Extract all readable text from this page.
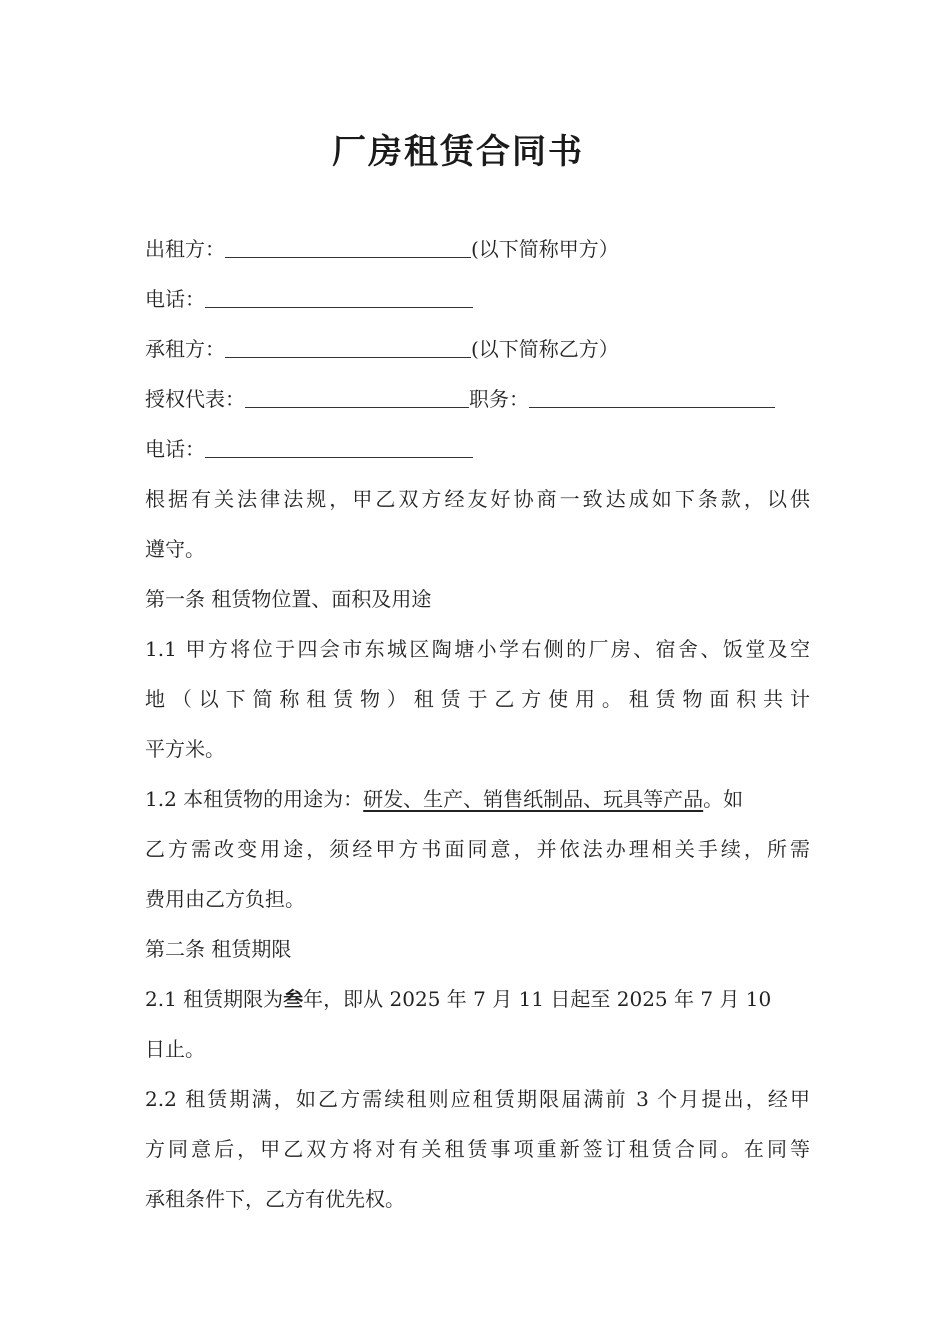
厂房租赁合同书
出租方：	(以下简称甲方）
电话：
承租方：	(以下简称乙方）
授权代表：	职务：
电话：
根据有关法律法规，甲乙双方经友好协商一致达成如下条款，以供
遵守。
第一条 租赁物位置、面积及用途
1.1 甲方将位于四会市东城区陶塘小学右侧的厂房、宿舍、饭堂及空
地（以下简称租赁物）租赁于乙方使用。租赁物面积共计
平方米。
1.2 本租赁物的用途为：研发、生产、销售纸制品、玩具等产品。如
乙方需改变用途，须经甲方书面同意，并依法办理相关手续，所需
费用由乙方负担。
第二条 租赁期限
2.1 租赁期限为叁年，即从 2025 年 7 月 11 日起至 2025 年 7 月 10
日止。
2.2 租赁期满，如乙方需续租则应租赁期限届满前 3 个月提出，经甲
方同意后，甲乙双方将对有关租赁事项重新签订租赁合同。在同等
承租条件下，乙方有优先权。
